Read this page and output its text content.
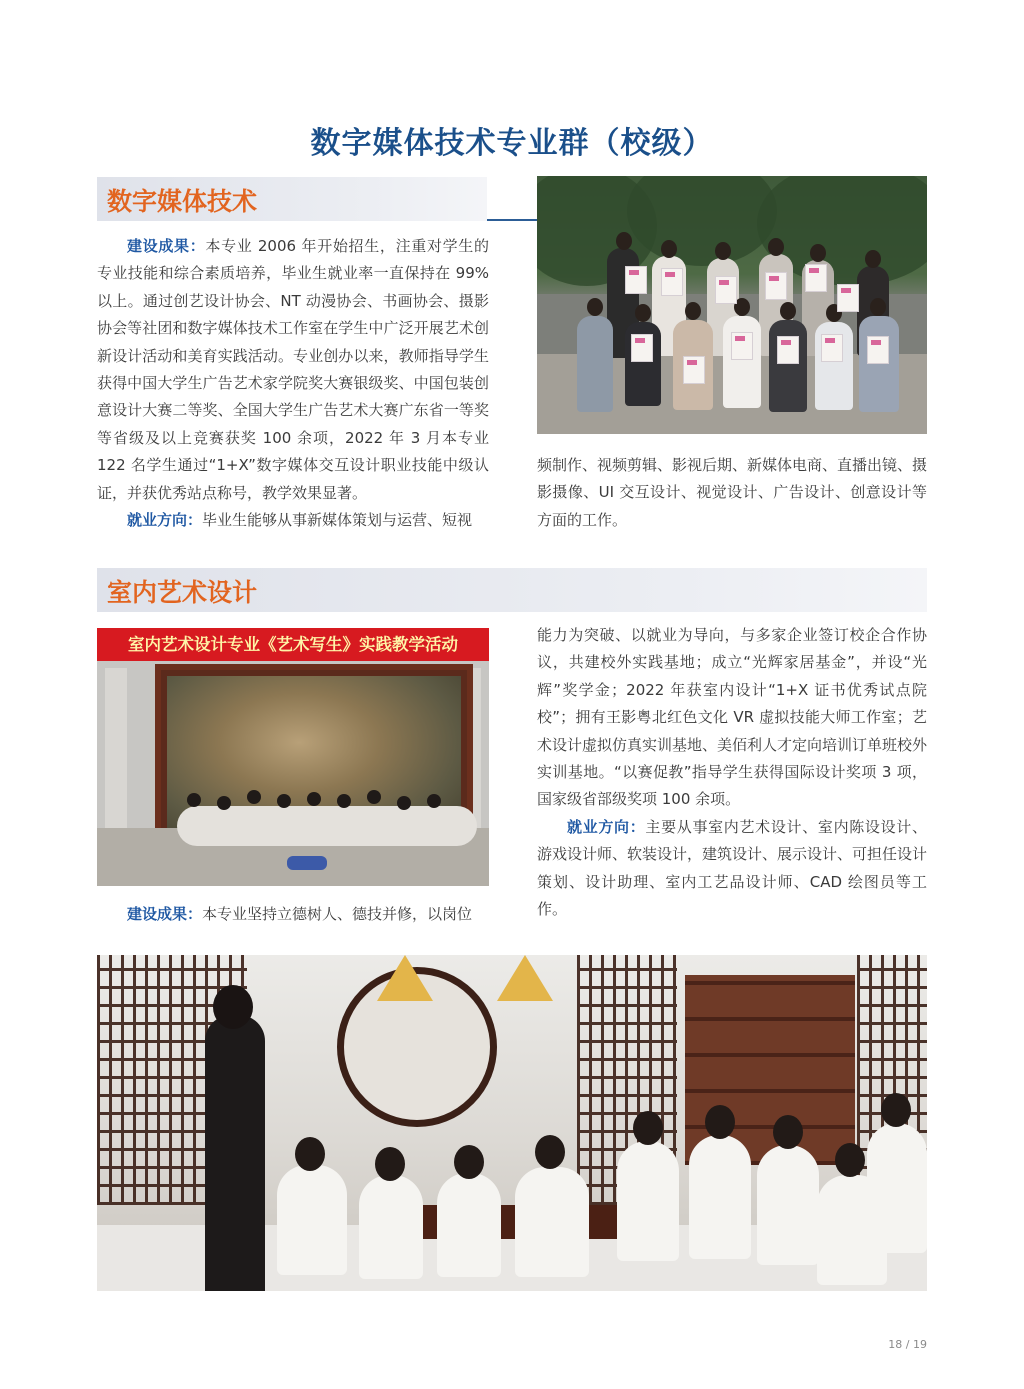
数字媒体技术专业群（校级）
数字媒体技术

建设成果：本专业 2006 年开始招生，注重对学生的专业技能和综合素质培养，毕业生就业率一直保持在 99% 以上。通过创艺设计协会、NT 动漫协会、书画协会、摄影协会等社团和数字媒体技术工作室在学生中广泛开展艺术创新设计活动和美育实践活动。专业创办以来，教师指导学生获得中国大学生广告艺术家学院奖大赛银级奖、中国包装创意设计大赛二等奖、全国大学生广告艺术大赛广东省一等奖等省级及以上竞赛获奖 100 余项，2022 年 3 月本专业 122 名学生通过“1+X”数字媒体交互设计职业技能中级认证，并获优秀站点称号，教学效果显著。

就业方向：毕业生能够从事新媒体策划与运营、短视

频制作、视频剪辑、影视后期、新媒体电商、直播出镜、摄影摄像、UI 交互设计、视觉设计、广告设计、创意设计等方面的工作。

室内艺术设计
室内艺术设计专业《艺术写生》实践教学活动

建设成果：本专业坚持立德树人、德技并修，以岗位

能力为突破、以就业为导向，与多家企业签订校企合作协议，共建校外实践基地；成立“光辉家居基金”，并设“光辉”奖学金；2022 年获室内设计“1+X 证书优秀试点院校”；拥有王影粤北红色文化 VR 虚拟技能大师工作室；艺术设计虚拟仿真实训基地、美佰利人才定向培训订单班校外实训基地。“以赛促教”指导学生获得国际设计奖项 3 项，国家级省部级奖项 100 余项。

就业方向：主要从事室内艺术设计、室内陈设设计、游戏设计师、软装设计，建筑设计、展示设计、可担任设计策划、设计助理、室内工艺品设计师、CAD 绘图员等工作。

18 / 19
